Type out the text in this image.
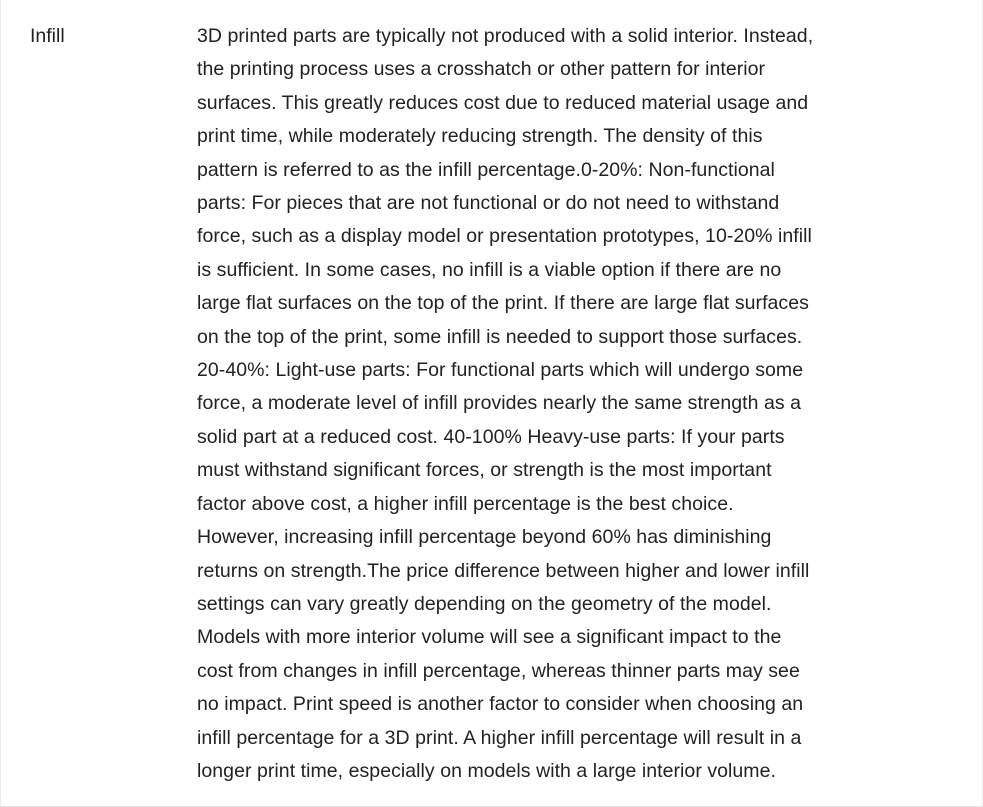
Infill	3D printed parts are typically not produced with a solid interior. Instead,
the printing process uses a crosshatch or other pattern for interior
surfaces. This greatly reduces cost due to reduced material usage and
print time, while moderately reducing strength. The density of this
pattern is referred to as the infill percentage.0-20%: Non-functional
parts: For pieces that are not functional or do not need to withstand
force, such as a display model or presentation prototypes, 10-20% infill
is sufficient. In some cases, no infill is a viable option if there are no
large flat surfaces on the top of the print. If there are large flat surfaces
on the top of the print, some infill is needed to support those surfaces.
20-40%: Light-use parts: For functional parts which will undergo some
force, a moderate level of infill provides nearly the same strength as a
solid part at a reduced cost. 40-100% Heavy-use parts: If your parts
must withstand significant forces, or strength is the most important
factor above cost, a higher infill percentage is the best choice.
However, increasing infill percentage beyond 60% has diminishing
returns on strength.The price difference between higher and lower infill
settings can vary greatly depending on the geometry of the model.
Models with more interior volume will see a significant impact to the
cost from changes in infill percentage, whereas thinner parts may see
no impact. Print speed is another factor to consider when choosing an
infill percentage for a 3D print. A higher infill percentage will result in a
longer print time, especially on models with a large interior volume.
